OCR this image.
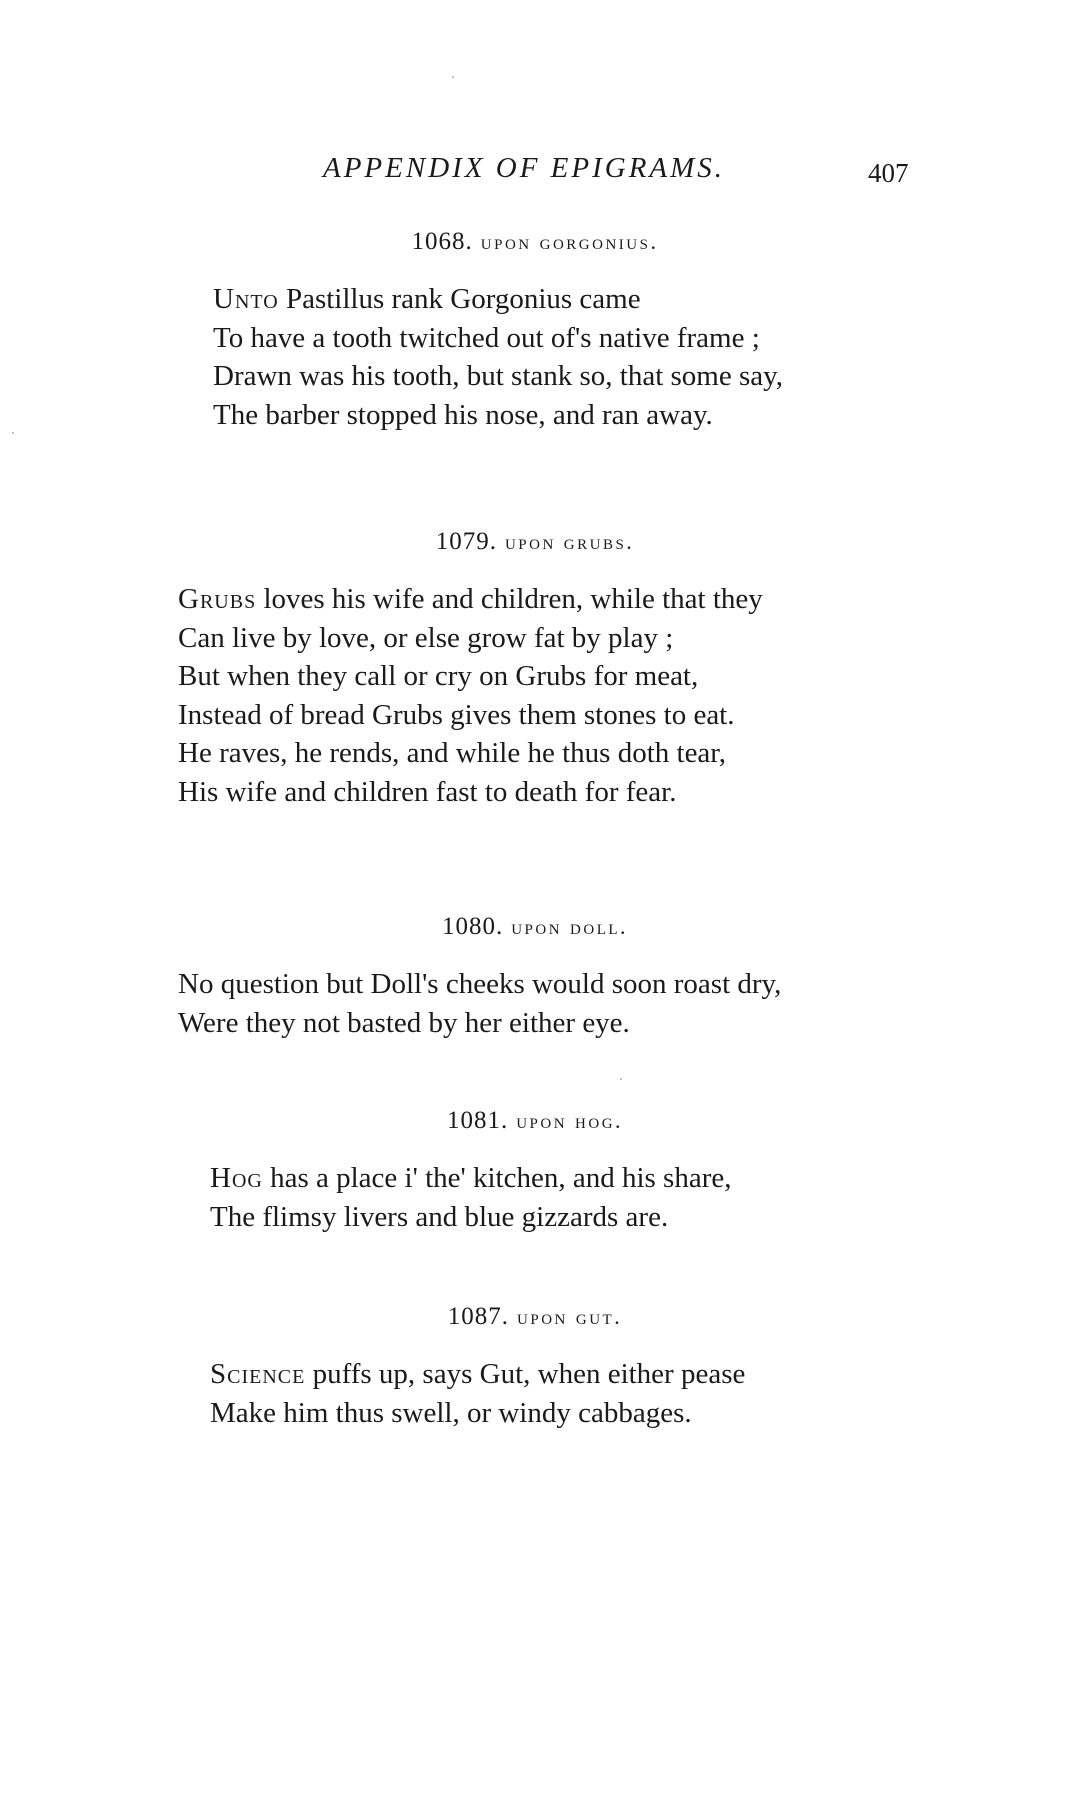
APPENDIX OF EPIGRAMS.	407
1068. upon gorgonius.
Unto Pastillus rank Gorgonius came
To have a tooth twitched out of's native frame ;
Drawn was his tooth, but stank so, that some say,
The barber stopped his nose, and ran away.
1079. upon grubs.
Grubs loves his wife and children, while that they
Can live by love, or else grow fat by play ;
But when they call or cry on Grubs for meat,
Instead of bread Grubs gives them stones to eat.
He raves, he rends, and while he thus doth tear,
His wife and children fast to death for fear.
1080. upon doll.
No question but Doll's cheeks would soon roast dry,
Were they not basted by her either eye.
1081. upon hog.
Hog has a place i' the' kitchen, and his share,
The flimsy livers and blue gizzards are.
1087. upon gut.
Science puffs up, says Gut, when either pease
Make him thus swell, or windy cabbages.
